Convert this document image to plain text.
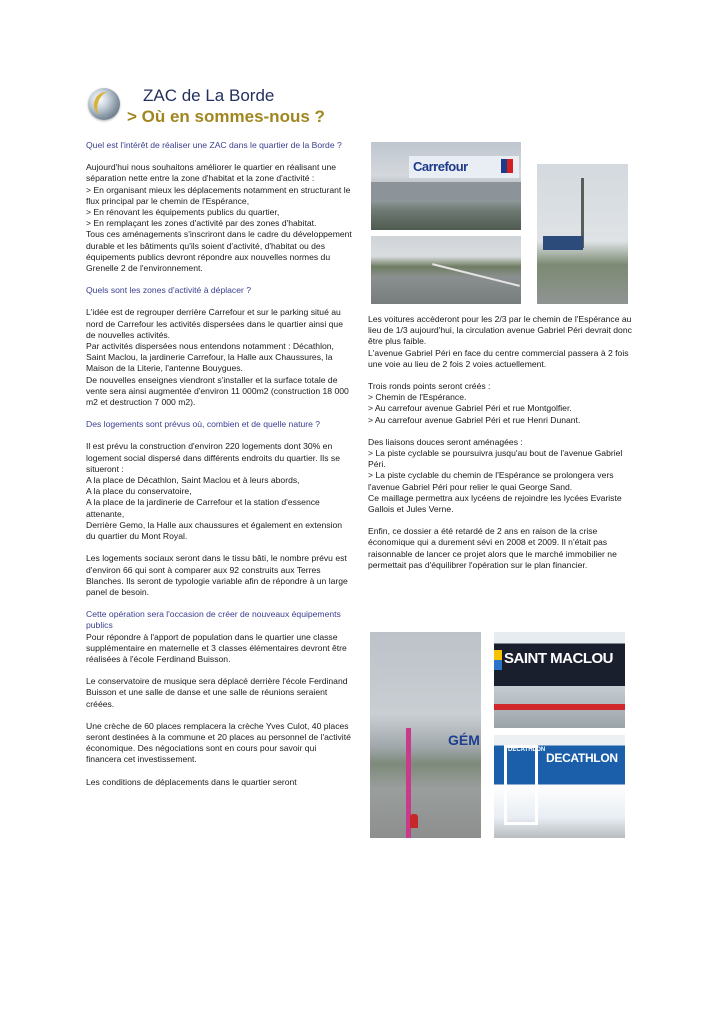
ZAC de La Borde
> Où en sommes-nous ?
Quel est l'intérêt de réaliser une ZAC dans le quartier de la Borde ?
Aujourd'hui nous souhaitons améliorer le quartier en réalisant une séparation nette entre la zone d'habitat et la zone d'activité :
> En organisant mieux les déplacements notamment en structurant le flux principal par le chemin de l'Espérance,
> En rénovant les équipements publics du quartier,
> En remplaçant les zones d'activité par des zones d'habitat.
Tous ces aménagements s'inscriront dans le cadre du développement durable et les bâtiments qu'ils soient d'activité, d'habitat ou des équipements publics devront répondre aux nouvelles normes du Grenelle 2 de l'environnement.
Quels sont les zones d'activité à déplacer ?
L'idée est de regrouper derrière Carrefour et sur le parking situé au nord de Carrefour les activités dispersées dans le quartier ainsi que de nouvelles activités.
Par activités dispersées nous entendons notamment : Décathlon, Saint Maclou, la jardinerie Carrefour, la Halle aux Chaussures, la Maison de la Literie, l'antenne Bouygues.
De nouvelles enseignes viendront s'installer et la surface totale de vente sera ainsi augmentée d'environ 11 000m2 (construction 18 000 m2 et destruction 7 000 m2).
Des logements sont prévus où, combien et de quelle nature ?
Il est prévu la construction d'environ 220 logements dont 30% en logement social dispersé dans différents endroits du quartier. Ils se situeront :
A la place de Décathlon, Saint Maclou et à leurs abords,
A la place du conservatoire,
A la place de la jardinerie de Carrefour et la station d'essence attenante,
Derrière Gemo, la Halle aux chaussures et également en extension du quartier du Mont Royal.
Les logements sociaux seront dans le tissu bâti, le nombre prévu est d'environ 66 qui sont à comparer aux 92 construits aux Terres Blanches. Ils seront de typologie variable afin de répondre à un large panel de besoin.
Cette opération sera l'occasion de créer de nouveaux équipements publics
Pour répondre à l'apport de population dans le quartier une classe supplémentaire en maternelle et 3 classes élémentaires devront être réalisées à l'école Ferdinand Buisson.
Le conservatoire de musique sera déplacé derrière l'école Ferdinand Buisson et une salle de danse et une salle de réunions seraient créées.
Une crèche de 60 places remplacera la crèche Yves Culot, 40 places seront destinées à la commune et 20 places au personnel de l'activité économique. Des négociations sont en cours pour savoir qui financera cet investissement.
Les conditions de déplacements dans le quartier seront
Les voitures accèderont pour les 2/3 par le chemin de l'Espérance au lieu de 1/3 aujourd'hui, la circulation avenue Gabriel Péri devrait donc être plus faible.
L'avenue Gabriel Péri en face du centre commercial passera à 2 fois une voie au lieu de 2 fois 2 voies actuellement.
Trois ronds points seront créés :
> Chemin de l'Espérance.
> Au carrefour avenue Gabriel Péri et rue Montgolfier.
> Au carrefour avenue Gabriel Péri et rue Henri Dunant.
Des liaisons douces seront aménagées :
> La piste cyclable se poursuivra jusqu'au bout de l'avenue Gabriel Péri.
> La piste cyclable du chemin de l'Espérance se prolongera vers l'avenue Gabriel Péri pour relier le quai George Sand.
Ce maillage permettra aux lycéens de rejoindre les lycées Evariste Gallois et Jules Verne.
Enfin, ce dossier a été retardé de 2 ans en raison de la crise économique qui a durement sévi en 2008 et 2009. Il n'était pas raisonnable de lancer ce projet alors que le marché immobilier ne permettait pas d'équilibrer l'opération sur le plan financier.
Carrefour
GÉM
SAINT MACLOU
DECATHLON
DECATHLON
